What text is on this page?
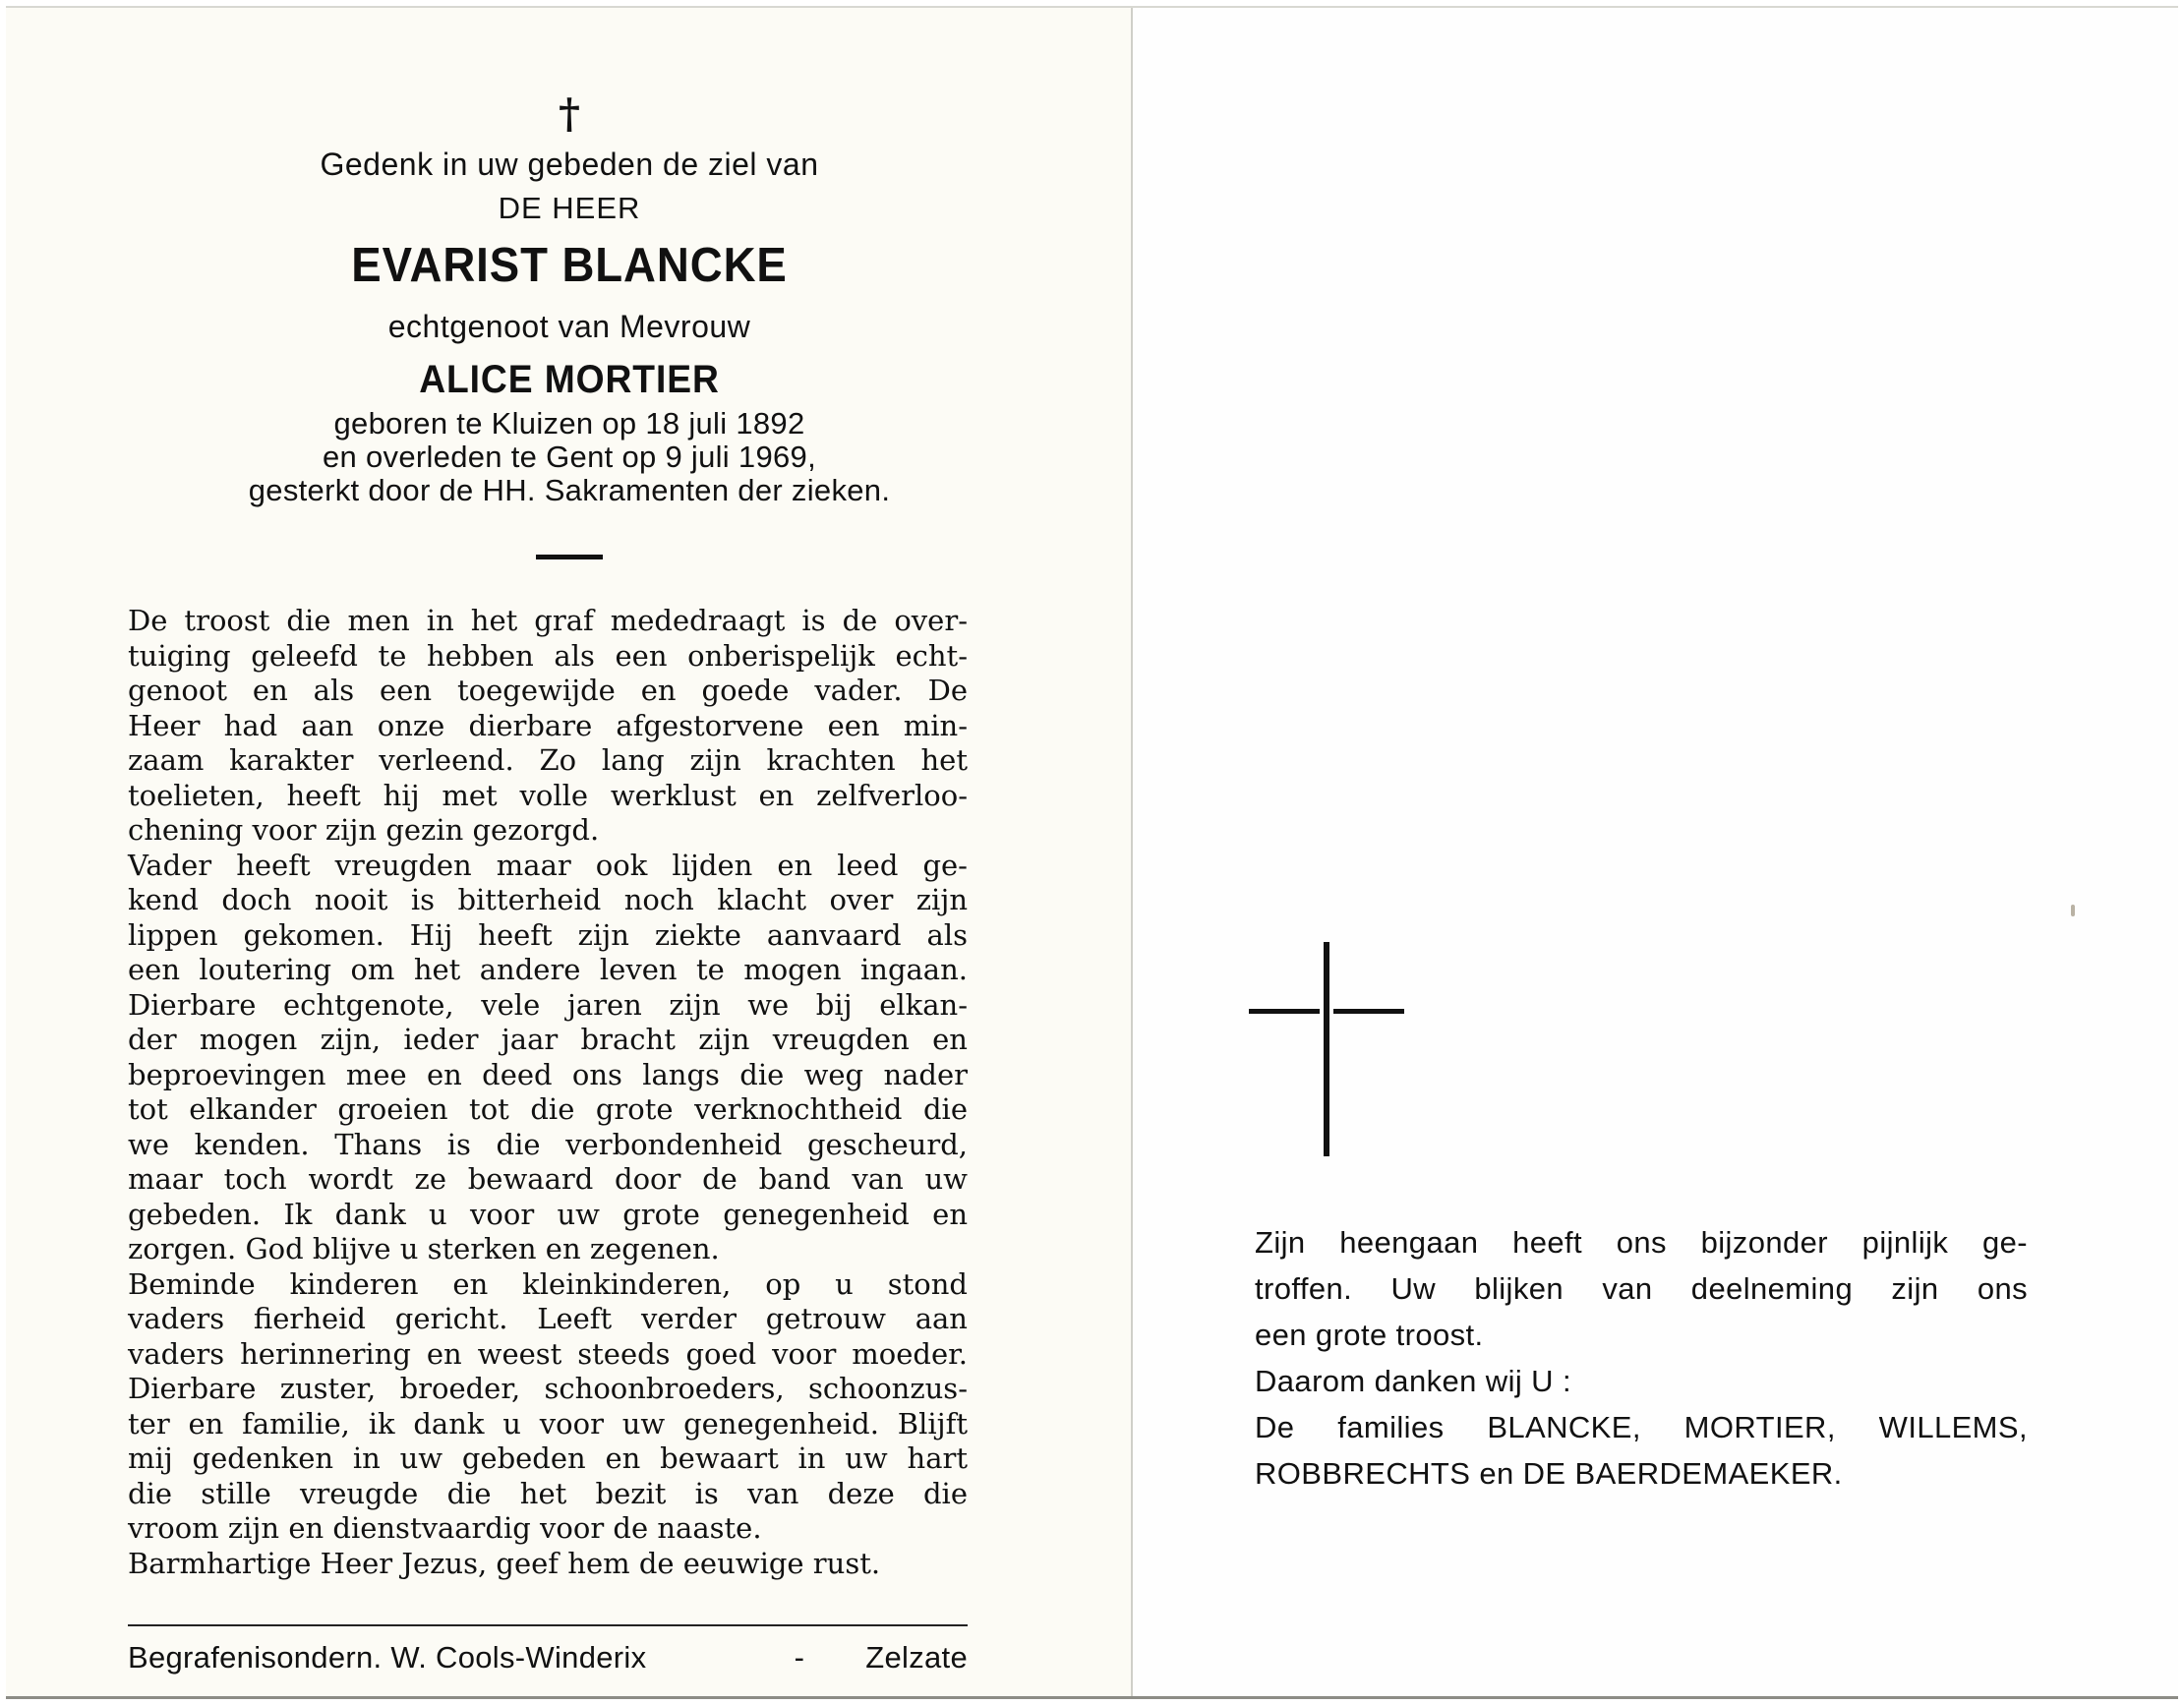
†
Gedenk in uw gebeden de ziel van
DE HEER
EVARIST BLANCKE
echtgenoot van Mevrouw
ALICE MORTIER
geboren te Kluizen op 18 juli 1892
en overleden te Gent op 9 juli 1969,
gesterkt door de HH. Sakramenten der zieken.
De troost die men in het graf mededraagt is de over-
tuiging geleefd te hebben als een onberispelijk echt-
genoot en als een toegewijde en goede vader. De
Heer had aan onze dierbare afgestorvene een min-
zaam karakter verleend. Zo lang zijn krachten het
toelieten, heeft hij met volle werklust en zelfverloo-
chening voor zijn gezin gezorgd.
Vader heeft vreugden maar ook lijden en leed ge-
kend doch nooit is bitterheid noch klacht over zijn
lippen gekomen. Hij heeft zijn ziekte aanvaard als
een loutering om het andere leven te mogen ingaan.
Dierbare echtgenote, vele jaren zijn we bij elkan-
der mogen zijn, ieder jaar bracht zijn vreugden en
beproevingen mee en deed ons langs die weg nader
tot elkander groeien tot die grote verknochtheid die
we kenden. Thans is die verbondenheid gescheurd,
maar toch wordt ze bewaard door de band van uw
gebeden. Ik dank u voor uw grote genegenheid en
zorgen. God blijve u sterken en zegenen.
Beminde kinderen en kleinkinderen, op u stond
vaders fierheid gericht. Leeft verder getrouw aan
vaders herinnering en weest steeds goed voor moeder.
Dierbare zuster, broeder, schoonbroeders, schoonzus-
ter en familie, ik dank u voor uw genegenheid. Blijft
mij gedenken in uw gebeden en bewaart in uw hart
die stille vreugde die het bezit is van deze die
vroom zijn en dienstvaardig voor de naaste.
Barmhartige Heer Jezus, geef hem de eeuwige rust.
Begrafenisondern. W. Cools-Winderix	- Zelzate
Zijn heengaan heeft ons bijzonder pijnlijk ge-
troffen. Uw blijken van deelneming zijn ons
een grote troost.
Daarom danken wij U :
De families BLANCKE, MORTIER, WILLEMS,
ROBBRECHTS en DE BAERDEMAEKER.
